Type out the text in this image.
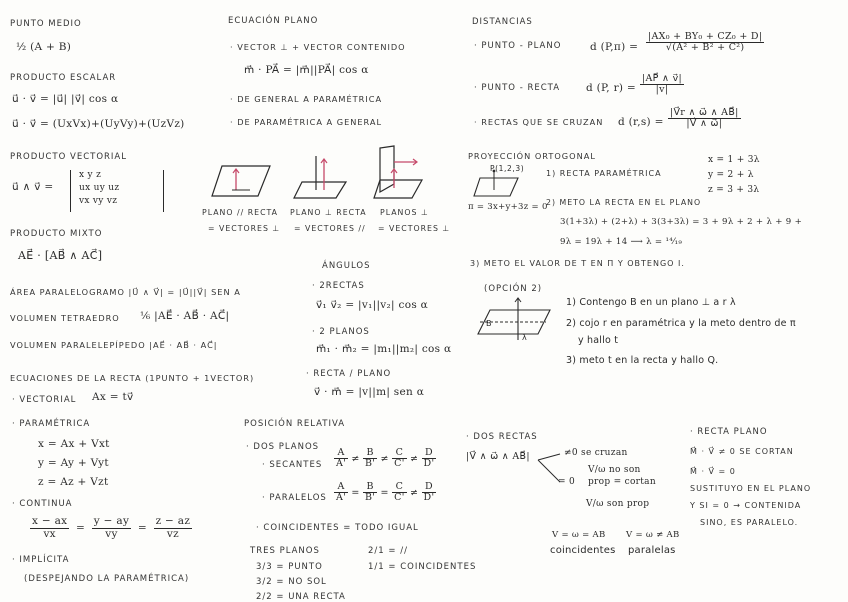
PUNTO MEDIO
½ (A + B)
PRODUCTO ESCALAR
u⃗ · v⃗ = |u⃗| |v⃗| cos α
u⃗ · v⃗ = (UxVx)+(UyVy)+(UzVz)
PRODUCTO VECTORIAL
u⃗ ∧ v⃗ =
x y z
ux uy uz
vx vy vz
PRODUCTO MIXTO
AE⃗ · [AB⃗ ∧ AC⃗]
ÁREA PARALELOGRAMO |U⃗ ∧ V⃗| = |U⃗||V⃗| SEN Α
VOLUMEN TETRAEDRO ⅙ |AE⃗ · AB⃗ · AC⃗|
VOLUMEN PARALELEPÍPEDO |AE⃗ · AB⃗ · AC⃗|
ECUACIONES DE LA RECTA (1PUNTO + 1VECTOR)
· VECTORIAL Ax = tv⃗
· PARAMÉTRICA
x = Ax + Vxt
y = Ay + Vyt
z = Az + Vzt
· CONTINUA
$\frac{x - ax}{vx} = \frac{y - ay}{vy} = \frac{z - az}{vz}$
· IMPLÍCITA
(DESPEJANDO LA PARAMÉTRICA)
ECUACIÓN PLANO
· VECTOR ⊥ + VECTOR CONTENIDO
m⃗ · PA⃗ = |m⃗||PA⃗| cos α
· DE GENERAL A PARAMÉTRICA
· DE PARAMÉTRICA A GENERAL
PLANO // RECTA PLANO ⊥ RECTA PLANOS ⊥
= VECTORES ⊥ = VECTORES // = VECTORES ⊥
ÁNGULOS
· 2RECTAS
v⃗₁ v⃗₂ = |v₁||v₂| cos α
· 2 PLANOS
m⃗₁ · m⃗₂ = |m₁||m₂| cos α
· RECTA / PLANO
v⃗ · m⃗ = |v||m| sen α
POSICIÓN RELATIVA
· DOS PLANOS
· SECANTES $\frac{A}{A'} \ne \frac{B}{B'} \ne \frac{C}{C'} \ne \frac{D}{D'}$
· PARALELOS $\frac{A}{A'} = \frac{B}{B'} = \frac{C}{C'} \ne \frac{D}{D'}$
· COINCIDENTES = TODO IGUAL
TRES PLANOS
3/3 = PUNTO
3/2 = NO SOL
2/2 = UNA RECTA
2/1 = //
1/1 = COINCIDENTES
DISTANCIAS
· PUNTO - PLANO	d $(P,\pi) = \frac{\text{|AX₀ + BY₀ + CZ₀ + D|}}{\text{√(A² + B² + C²)}}$
· PUNTO - RECTA d (P, $r) = \frac{|AP⃗ \wedge v⃗|}{|v|}$
· RECTAS QUE SE CRUZAN d $(r,s) = \frac{|V⃗r \wedge \omega⃗ \wedge AB⃗|}{|V⃗ \wedge \omega⃗|}$
PROYECCIÓN ORTOGONAL
P(1,2,3)
1) RECTA PARAMÉTRICA
x = 1 + 3λ
y = 2 + λ
z = 3 + 3λ
π = 3x+y+3z = 0
2) METO LA RECTA EN EL PLANO
3(1+3λ) + (2+λ) + 3(3+3λ) = 3 + 9λ + 2 + λ + 9 +
9λ = 19λ + 14 ⟶ λ = ¹⁴⁄₁₉
3) METO EL VALOR DE T EN Π Y OBTENGO I.
(OPCIÓN 2)
B
λ
1) Contengo B en un plano ⊥ a r λ
2) cojo r en paramétrica y la meto dentro de π
y hallo t
3) meto t en la recta y hallo Q.
· DOS RECTAS
|V⃗ ∧ ω⃗ ∧ AB⃗|	≠0 se cruzan
= 0
V/ω no son
prop = cortan
V/ω son prop
V = ω = AB
coincidentes
V = ω ≠ AB
paralelas
· RECTA PLANO
M⃗ · V⃗ ≠ 0 SE CORTAN
M⃗ · V⃗ = 0
SUSTITUYO EN EL PLANO
Y SI = 0 → CONTENIDA
SINO, ES PARALELO.
